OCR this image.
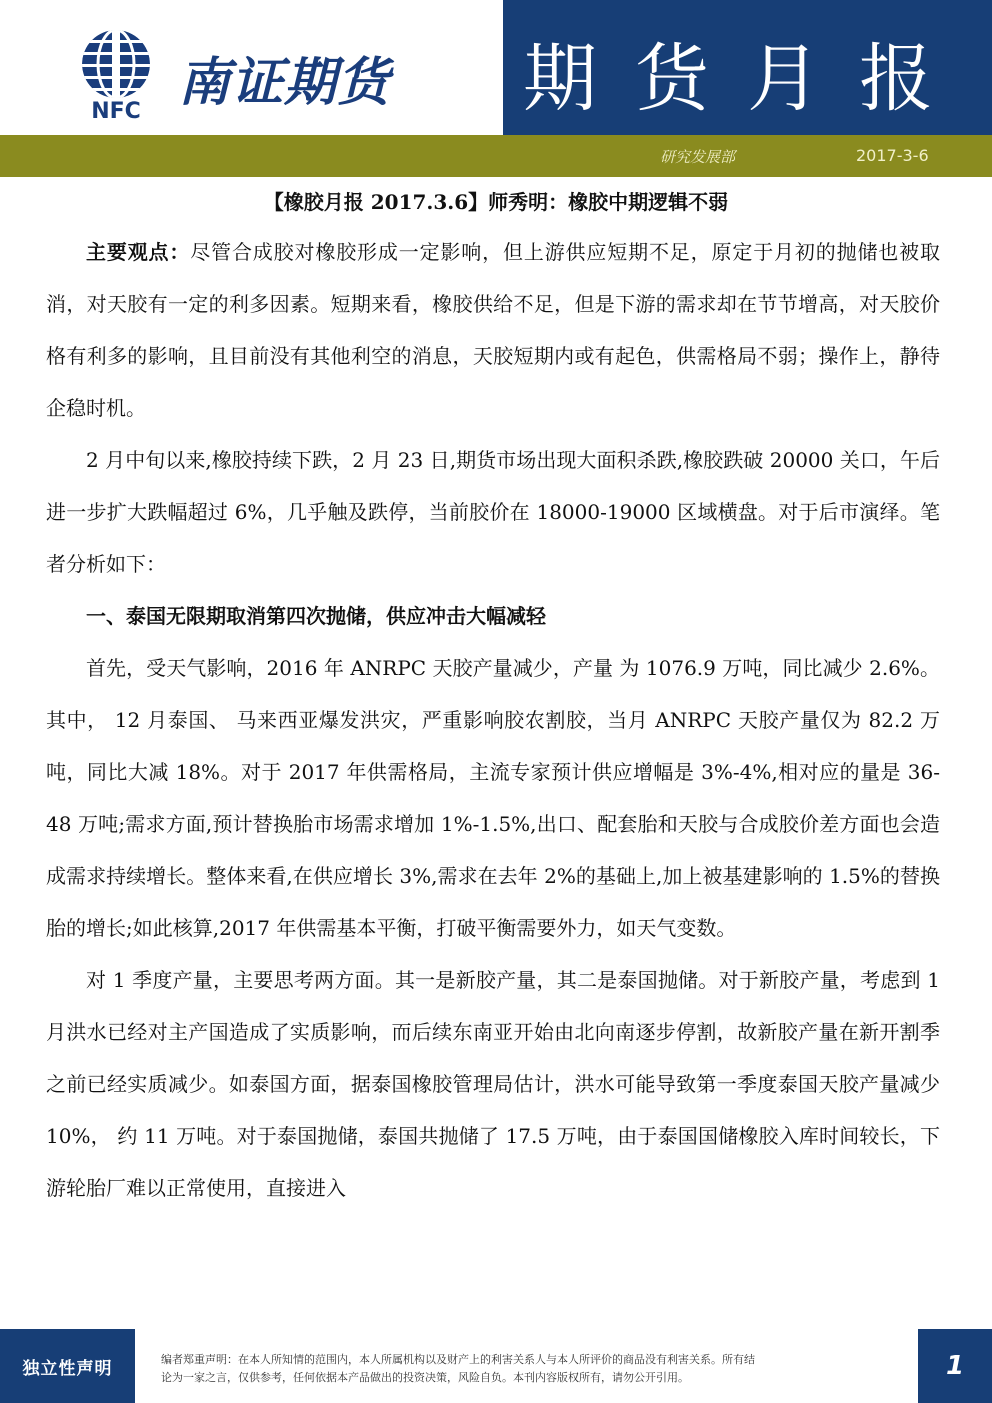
NFC 南证期货 期货月报
研究发展部	2017-3-6
【橡胶月报 2017.3.6】师秀明：橡胶中期逻辑不弱

主要观点：尽管合成胶对橡胶形成一定影响，但上游供应短期不足，原定于月初的抛储也被取消，对天胶有一定的利多因素。短期来看，橡胶供给不足，但是下游的需求却在节节增高，对天胶价格有利多的影响，且目前没有其他利空的消息，天胶短期内或有起色，供需格局不弱；操作上，静待企稳时机。

2 月中旬以来,橡胶持续下跌，2 月 23 日,期货市场出现大面积杀跌,橡胶跌破 20000 关口，午后进一步扩大跌幅超过 6%，几乎触及跌停，当前胶价在 18000-19000 区域横盘。对于后市演绎。笔者分析如下：

一、泰国无限期取消第四次抛储，供应冲击大幅减轻

首先，受天气影响，2016 年 ANRPC 天胶产量减少，产量 为 1076.9 万吨，同比减少 2.6%。 其中， 12 月泰国、 马来西亚爆发洪灾，严重影响胶农割胶，当月 ANRPC 天胶产量仅为 82.2 万吨，同比大减 18%。对于 2017 年供需格局，主流专家预计供应增幅是 3%-4%,相对应的量是 36-48 万吨;需求方面,预计替换胎市场需求增加 1%-1.5%,出口、配套胎和天胶与合成胶价差方面也会造成需求持续增长。整体来看,在供应增长 3%,需求在去年 2%的基础上,加上被基建影响的 1.5%的替换胎的增长;如此核算,2017 年供需基本平衡，打破平衡需要外力，如天气变数。

对 1 季度产量，主要思考两方面。其一是新胶产量，其二是泰国抛储。对于新胶产量，考虑到 1 月洪水已经对主产国造成了实质影响，而后续东南亚开始由北向南逐步停割，故新胶产量在新开割季之前已经实质减少。如泰国方面，据泰国橡胶管理局估计，洪水可能导致第一季度泰国天胶产量减少 10%， 约 11 万吨。对于泰国抛储，泰国共抛储了 17.5 万吨，由于泰国国储橡胶入库时间较长，下游轮胎厂难以正常使用，直接进入

独立性声明	编者郑重声明：在本人所知情的范围内，本人所属机构以及财产上的利害关系人与本人所评价的商品没有利害关系。所有结
论为一家之言，仅供参考，任何依据本产品做出的投资决策，风险自负。本刊内容版权所有，请勿公开引用。	1
